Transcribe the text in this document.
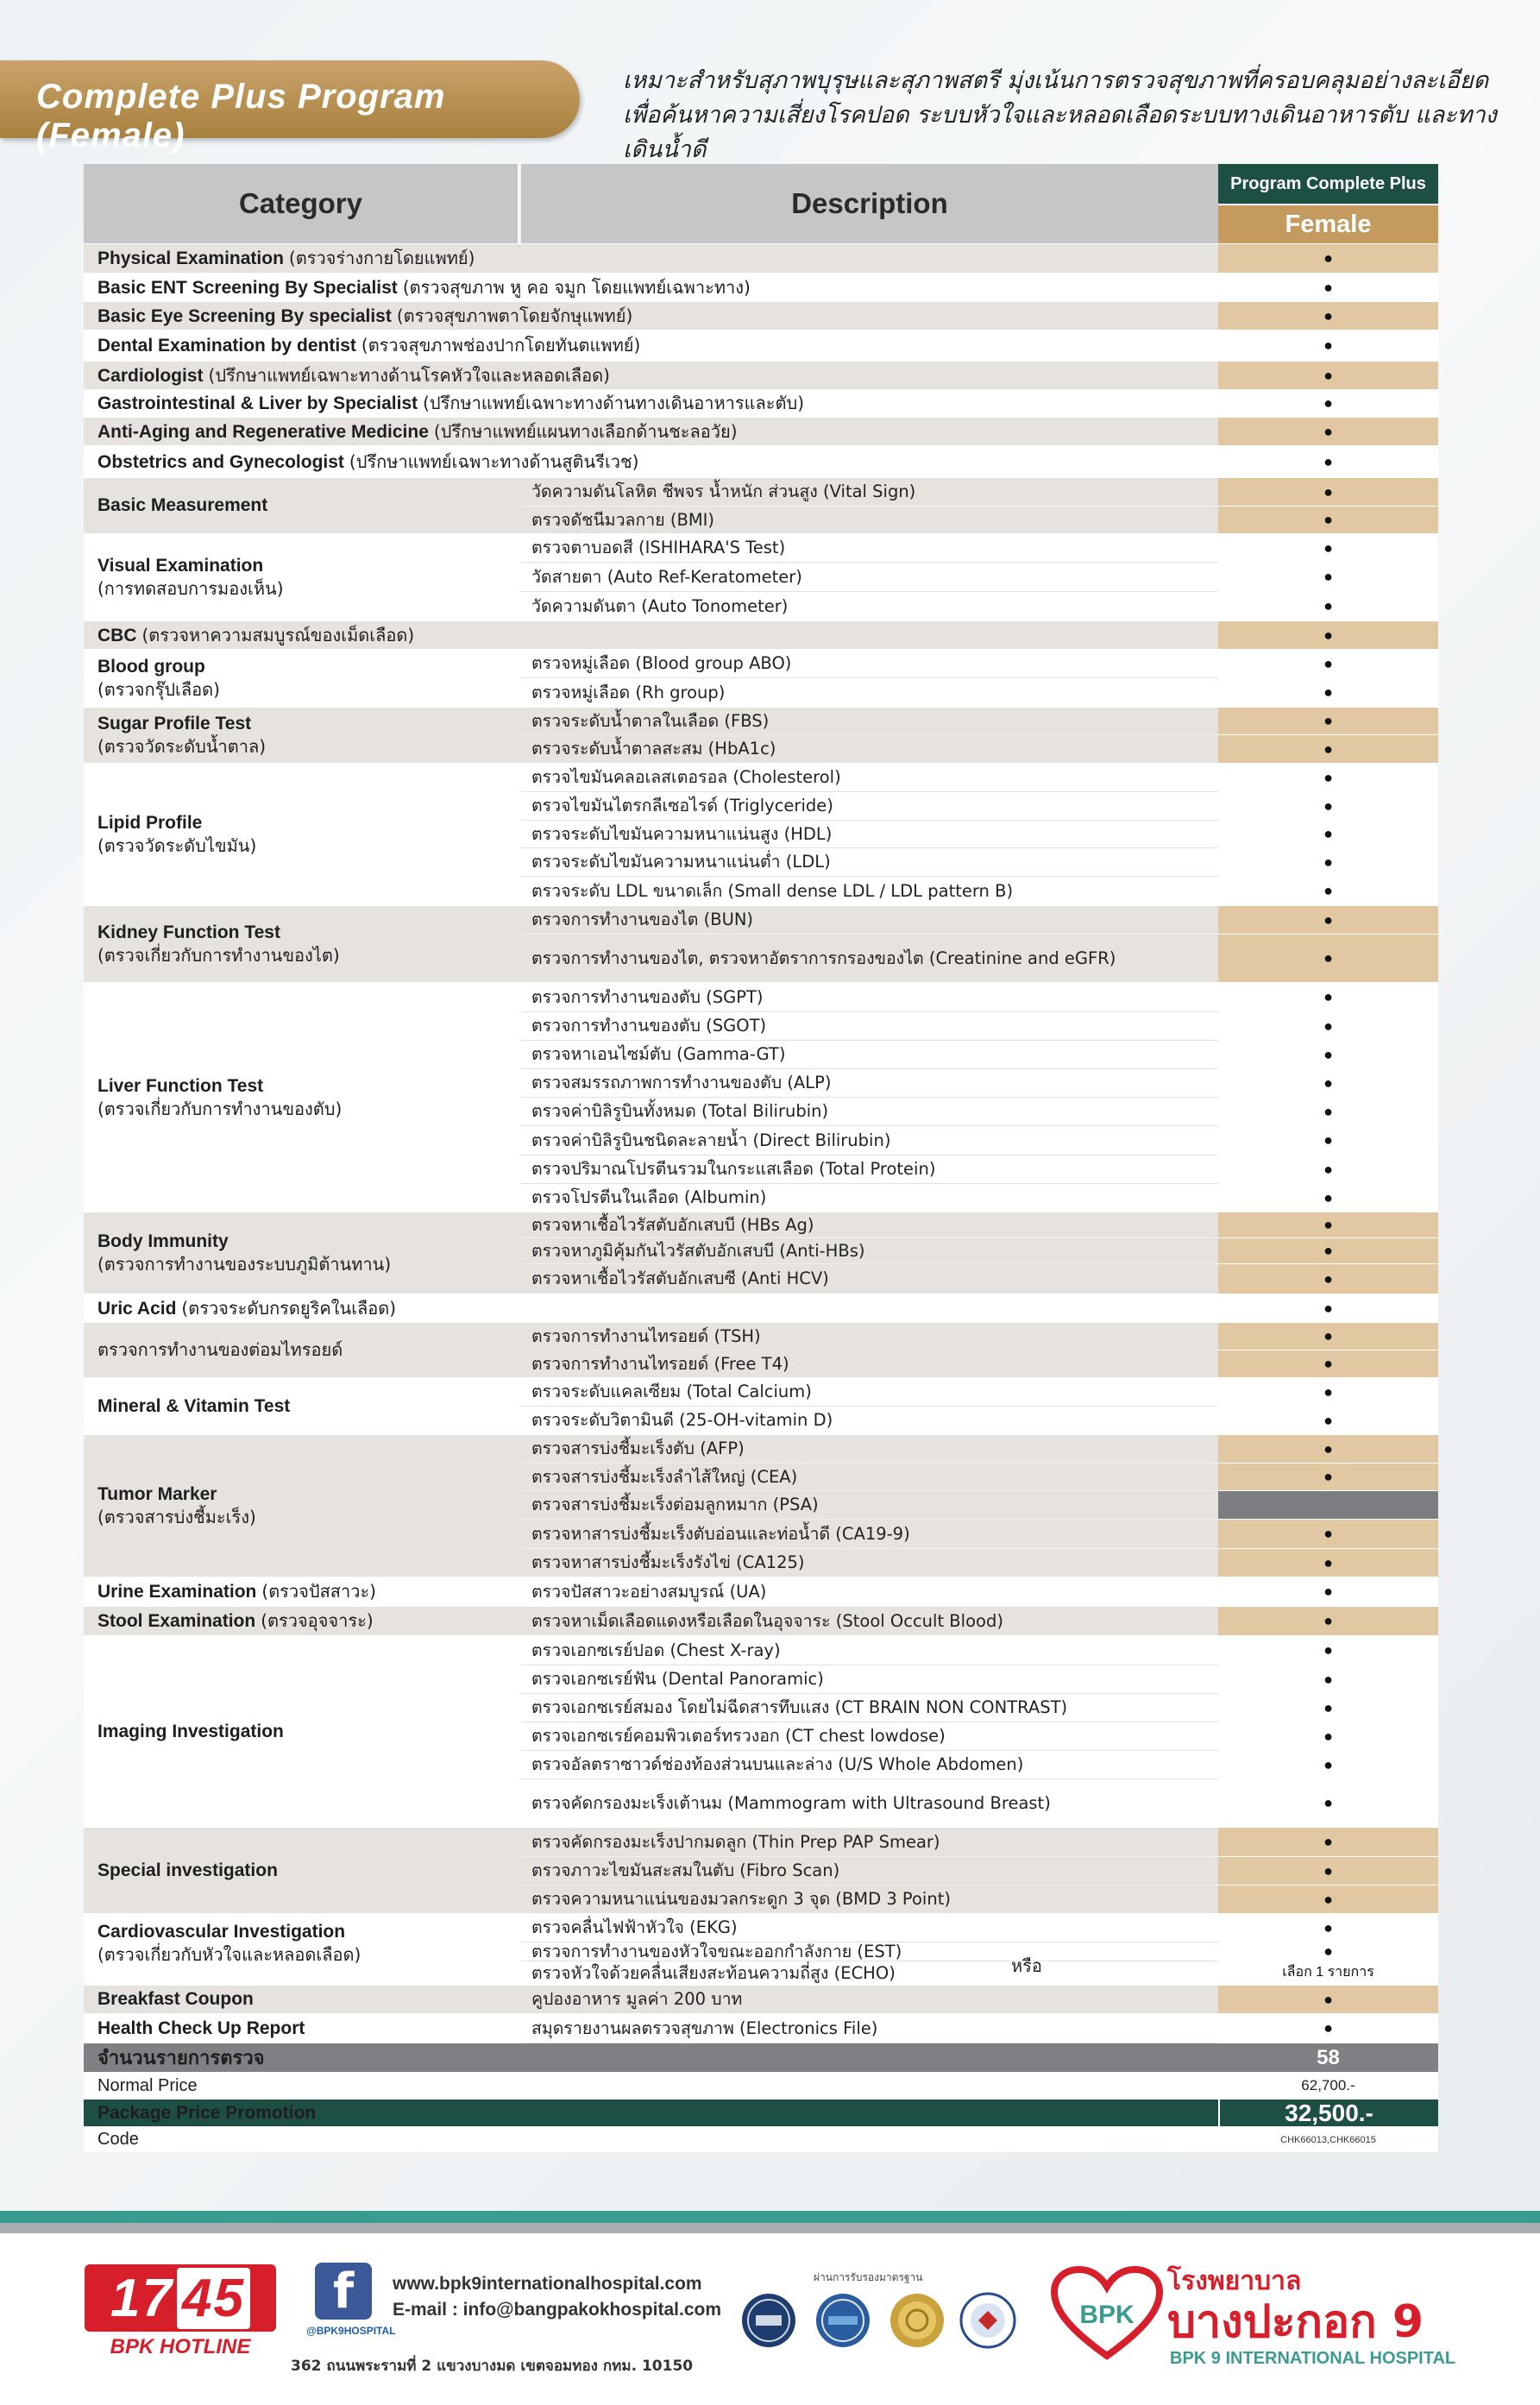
Complete Plus Program (Female)
เหมาะสำหรับสุภาพบุรุษและสุภาพสตรี มุ่งเน้นการตรวจสุขภาพที่ครอบคลุมอย่างละเอียด
เพื่อค้นหาความเสี่ยงโรคปอด ระบบหัวใจและหลอดเลือดระบบทางเดินอาหารตับ และทางเดินน้ำดี
Category	Description
Program Complete Plus
Female
Physical Examination (ตรวจร่างกายโดยแพทย์)	●
Basic ENT Screening By Specialist (ตรวจสุขภาพ หู คอ จมูก โดยแพทย์เฉพาะทาง)	●
Basic Eye Screening By specialist (ตรวจสุขภาพตาโดยจักษุแพทย์)	●
Dental Examination by dentist (ตรวจสุขภาพช่องปากโดยทันตแพทย์)	●
Cardiologist (ปรึกษาแพทย์เฉพาะทางด้านโรคหัวใจและหลอดเลือด)	●
Gastrointestinal & Liver by Specialist (ปรึกษาแพทย์เฉพาะทางด้านทางเดินอาหารและตับ)	●
Anti-Aging and Regenerative Medicine (ปรึกษาแพทย์แผนทางเลือกด้านชะลอวัย)	●
Obstetrics and Gynecologist (ปรึกษาแพทย์เฉพาะทางด้านสูตินรีเวช)	●
Basic Measurement
วัดความดันโลหิต ชีพจร น้ำหนัก ส่วนสูง (Vital Sign)	●
ตรวจดัชนีมวลกาย (BMI)	●
Visual Examination
(การทดสอบการมองเห็น)
ตรวจตาบอดสี (ISHIHARA'S Test)	●
วัดสายตา (Auto Ref-Keratometer)	●
วัดความดันตา (Auto Tonometer)	●
CBC (ตรวจหาความสมบูรณ์ของเม็ดเลือด)	●
Blood group
(ตรวจกรุ๊ปเลือด)
ตรวจหมู่เลือด (Blood group ABO)	●
ตรวจหมู่เลือด (Rh group)	●
Sugar Profile Test
(ตรวจวัดระดับน้ำตาล)
ตรวจระดับน้ำตาลในเลือด (FBS)	●
ตรวจระดับน้ำตาลสะสม (HbA1c)	●
Lipid Profile
(ตรวจวัดระดับไขมัน)
ตรวจไขมันคลอเลสเตอรอล (Cholesterol)	●
ตรวจไขมันไตรกลีเซอไรด์ (Triglyceride)	●
ตรวจระดับไขมันความหนาแน่นสูง (HDL)	●
ตรวจระดับไขมันความหนาแน่นต่ำ (LDL)	●
ตรวจระดับ LDL ขนาดเล็ก (Small dense LDL / LDL pattern B)	●
Kidney Function Test
(ตรวจเกี่ยวกับการทำงานของไต)
ตรวจการทำงานของไต (BUN)	●
ตรวจการทำงานของไต, ตรวจหาอัตราการกรองของไต (Creatinine and eGFR)	●
Liver Function Test
(ตรวจเกี่ยวกับการทำงานของตับ)
ตรวจการทำงานของตับ (SGPT)	●
ตรวจการทำงานของตับ (SGOT)	●
ตรวจหาเอนไซม์ตับ (Gamma-GT)	●
ตรวจสมรรถภาพการทำงานของตับ (ALP)	●
ตรวจค่าบิลิรูบินทั้งหมด (Total Bilirubin)	●
ตรวจค่าบิลิรูบินชนิดละลายน้ำ (Direct Bilirubin)	●
ตรวจปริมาณโปรตีนรวมในกระแสเลือด (Total Protein)	●
ตรวจโปรตีนในเลือด (Albumin)	●
Body Immunity
(ตรวจการทำงานของระบบภูมิต้านทาน)
ตรวจหาเชื้อไวรัสตับอักเสบบี (HBs Ag)	●
ตรวจหาภูมิคุ้มกันไวรัสตับอักเสบบี (Anti-HBs)	●
ตรวจหาเชื้อไวรัสตับอักเสบซี (Anti HCV)	●
Uric Acid (ตรวจระดับกรดยูริคในเลือด)	●
ตรวจการทำงานของต่อมไทรอยด์
ตรวจการทำงานไทรอยด์ (TSH)	●
ตรวจการทำงานไทรอยด์ (Free T4)	●
Mineral & Vitamin Test
ตรวจระดับแคลเซียม (Total Calcium)	●
ตรวจระดับวิตามินดี (25-OH-vitamin D)	●
Tumor Marker
(ตรวจสารบ่งชี้มะเร็ง)
ตรวจสารบ่งชี้มะเร็งตับ (AFP)	●
ตรวจสารบ่งชี้มะเร็งลำไส้ใหญ่ (CEA)	●
ตรวจสารบ่งชี้มะเร็งต่อมลูกหมาก (PSA)
ตรวจหาสารบ่งชี้มะเร็งตับอ่อนและท่อน้ำดี (CA19-9)	●
ตรวจหาสารบ่งชี้มะเร็งรังไข่ (CA125)	●
Urine Examination (ตรวจปัสสาวะ)	ตรวจปัสสาวะอย่างสมบูรณ์ (UA)	●
Stool Examination (ตรวจอุจจาระ)	ตรวจหาเม็ดเลือดแดงหรือเลือดในอุจจาระ (Stool Occult Blood)	●
Imaging Investigation
ตรวจเอกซเรย์ปอด (Chest X-ray)	●
ตรวจเอกซเรย์ฟัน (Dental Panoramic)	●
ตรวจเอกซเรย์สมอง โดยไม่ฉีดสารทึบแสง (CT BRAIN NON CONTRAST)	●
ตรวจเอกซเรย์คอมพิวเตอร์ทรวงอก (CT chest lowdose)	●
ตรวจอัลตราซาวด์ช่องท้องส่วนบนและล่าง (U/S Whole Abdomen)	●
ตรวจคัดกรองมะเร็งเต้านม (Mammogram with Ultrasound Breast)	●
Special investigation
ตรวจคัดกรองมะเร็งปากมดลูก (Thin Prep PAP Smear)	●
ตรวจภาวะไขมันสะสมในตับ (Fibro Scan)	●
ตรวจความหนาแน่นของมวลกระดูก 3 จุด (BMD 3 Point)	●
Cardiovascular Investigation
(ตรวจเกี่ยวกับหัวใจและหลอดเลือด)
ตรวจคลื่นไฟฟ้าหัวใจ (EKG)	●
ตรวจการทำงานของหัวใจขณะออกกำลังกาย (EST)	●
ตรวจหัวใจด้วยคลื่นเสียงสะท้อนความถี่สูง (ECHO)	เลือก 1 รายการ
หรือ
Breakfast Coupon	คูปองอาหาร มูลค่า 200 บาท	●
Health Check Up Report	สมุดรายงานผลตรวจสุขภาพ (Electronics File)	●
จำนวนรายการตรวจ	58
Normal Price	62,700.-
Package Price Promotion	32,500.-
Code	CHK66013,CHK66015
17 45
BPK HOTLINE
f
@BPK9HOSPITAL
www.bpk9internationalhospital.com
E-mail : info@bangpakokhospital.com
362 ถนนพระรามที่ 2 แขวงบางมด เขตจอมทอง กทม. 10150
ผ่านการรับรองมาตรฐาน
BPK
โรงพยาบาล
บางปะกอก 9
BPK 9 INTERNATIONAL HOSPITAL
